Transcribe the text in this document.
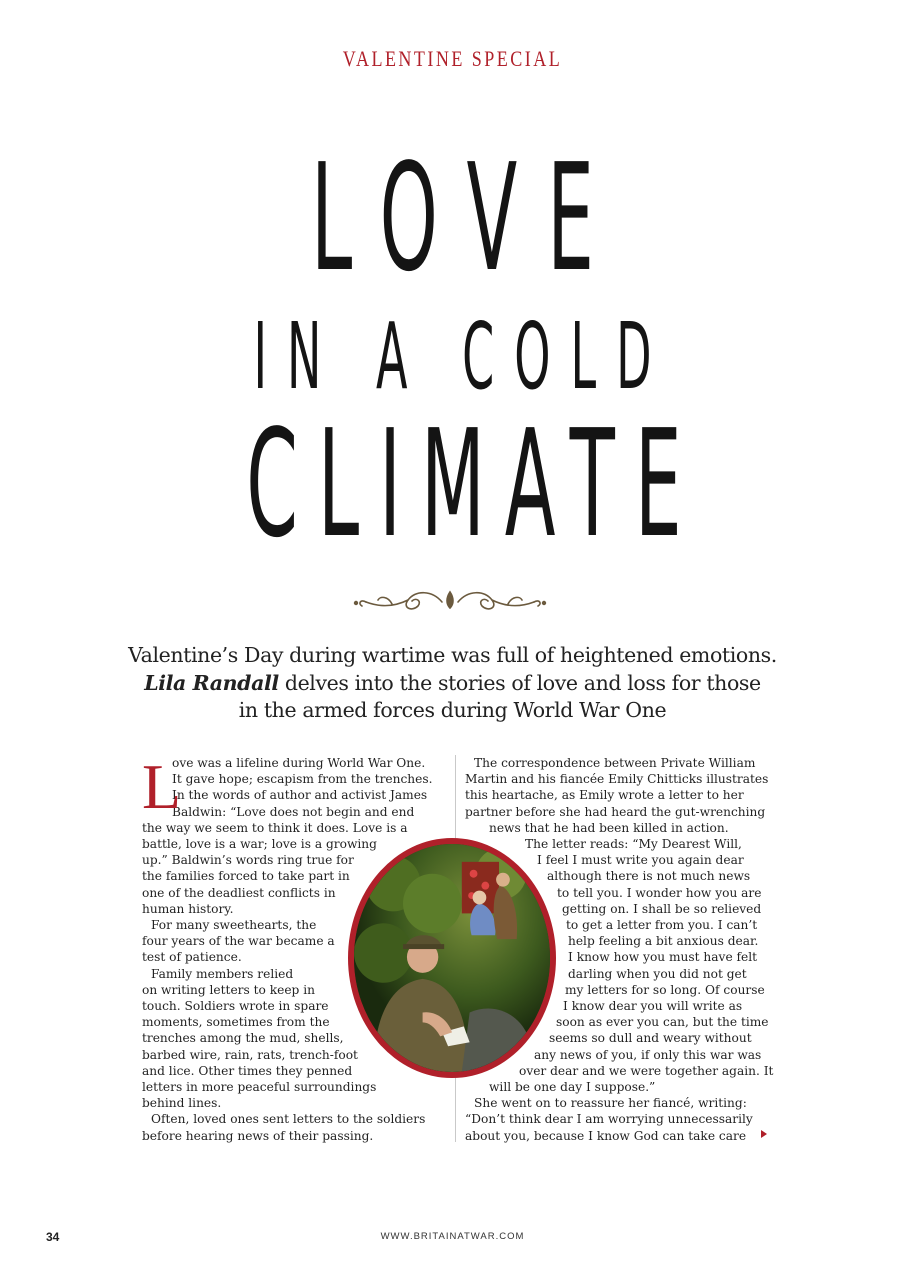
VALENTINE SPECIAL
LOVE
IN A COLD
CLIMATE
Valentine’s Day during wartime was full of heightened emotions.
Lila Randall delves into the stories of love and loss for those
in the armed forces during World War One
L
ove was a lifeline during World War One.
It gave hope; escapism from the trenches.
In the words of author and activist James
Baldwin: “Love does not begin and end
the way we seem to think it does. Love is a
battle, love is a war; love is a growing
up.” Baldwin’s words ring true for
the families forced to take part in
one of the deadliest conflicts in
human history.
For many sweethearts, the
four years of the war became a
test of patience.
Family members relied
on writing letters to keep in
touch. Soldiers wrote in spare
moments, sometimes from the
trenches among the mud, shells,
barbed wire, rain, rats, trench-foot
and lice. Other times they penned
letters in more peaceful surroundings
behind lines.
Often, loved ones sent letters to the soldiers
before hearing news of their passing.
The correspondence between Private William
Martin and his fiancée Emily Chitticks illustrates
this heartache, as Emily wrote a letter to her
partner before she had heard the gut-wrenching
news that he had been killed in action.
The letter reads: “My Dearest Will,
I feel I must write you again dear
although there is not much news
to tell you. I wonder how you are
getting on. I shall be so relieved
to get a letter from you. I can’t
help feeling a bit anxious dear.
I know how you must have felt
darling when you did not get
my letters for so long. Of course
I know dear you will write as
soon as ever you can, but the time
seems so dull and weary without
any news of you, if only this war was
over dear and we were together again. It
will be one day I suppose.”
She went on to reassure her fiancé, writing:
“Don’t think dear I am worrying unnecessarily
about you, because I know God can take care
34	WWW.BRITAINATWAR.COM
